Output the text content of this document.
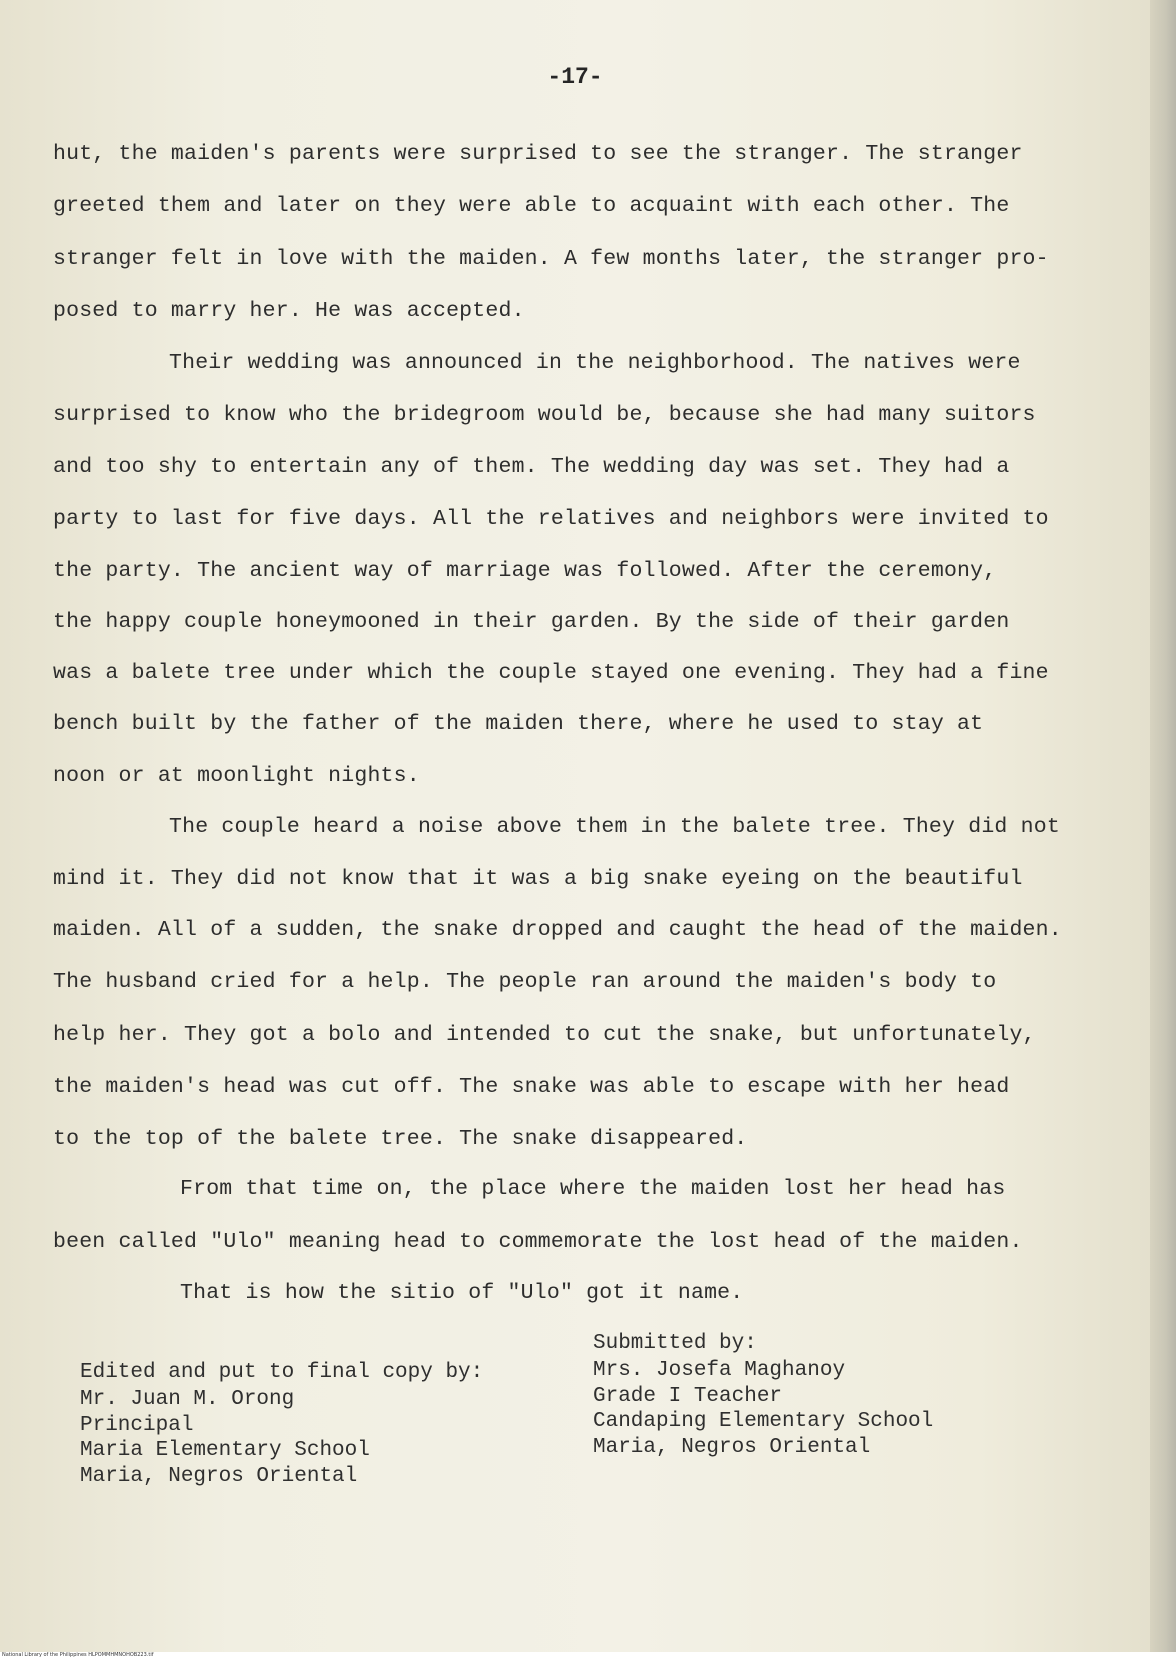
-17-
hut, the maiden's parents were surprised to see the stranger. The stranger
greeted them and later on they were able to acquaint with each other. The
stranger felt in love with the maiden. A few months later, the stranger pro-
posed to marry her. He was accepted.
Their wedding was announced in the neighborhood. The natives were
surprised to know who the bridegroom would be, because she had many suitors
and too shy to entertain any of them. The wedding day was set. They had a
party to last for five days. All the relatives and neighbors were invited to
the party. The ancient way of marriage was followed. After the ceremony,
the happy couple honeymooned in their garden. By the side of their garden
was a balete tree under which the couple stayed one evening. They had a fine
bench built by the father of the maiden there, where he used to stay at
noon or at moonlight nights.
The couple heard a noise above them in the balete tree. They did not
mind it. They did not know that it was a big snake eyeing on the beautiful
maiden. All of a sudden, the snake dropped and caught the head of the maiden.
The husband cried for a help. The people ran around the maiden's body to
help her. They got a bolo and intended to cut the snake, but unfortunately,
the maiden's head was cut off. The snake was able to escape with her head
to the top of the balete tree. The snake disappeared.
From that time on, the place where the maiden lost her head has
been called "Ulo" meaning head to commemorate the lost head of the maiden.
That is how the sitio of "Ulo" got it name.
Submitted by:
Mrs. Josefa Maghanoy
Grade I Teacher
Candaping Elementary School
Maria, Negros Oriental
Edited and put to final copy by:
Mr. Juan M. Orong
Principal
Maria Elementary School
Maria, Negros Oriental
National Library of the Philippines HLPOMMHMNOHOB223.tif
